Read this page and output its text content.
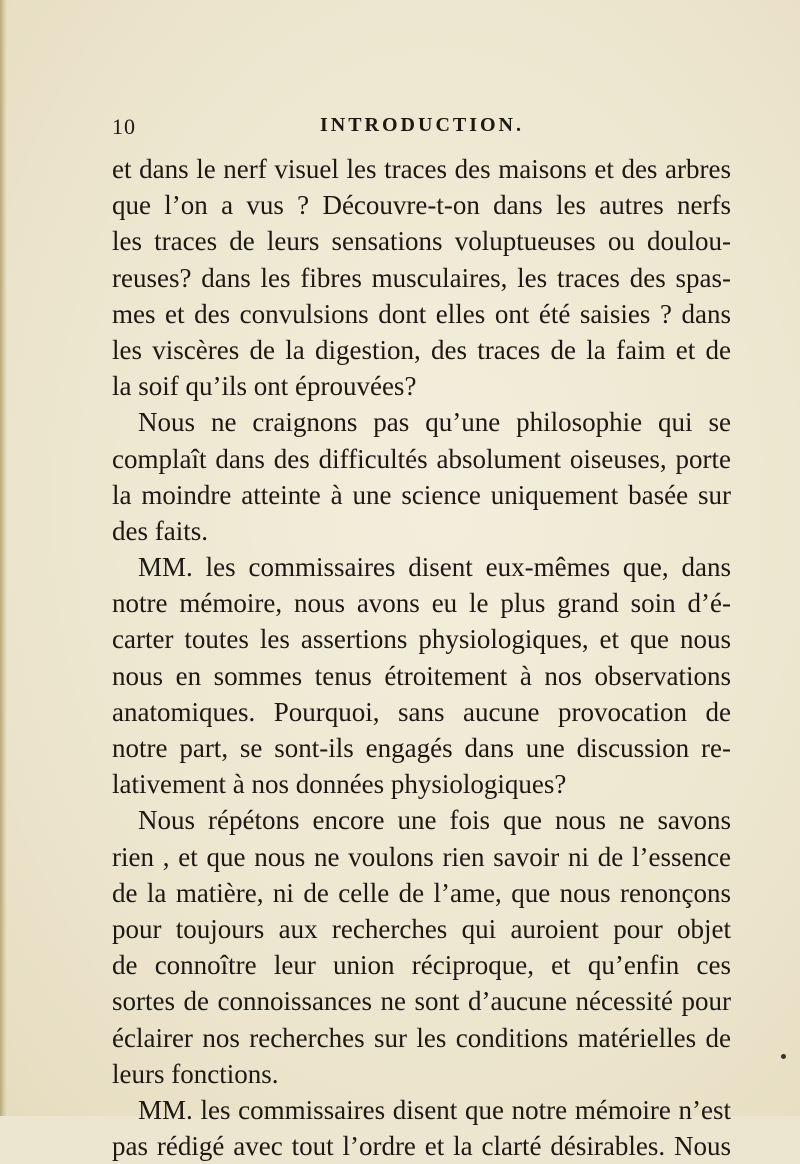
INTRODUCTION.
10
et dans le nerf visuel les traces des maisons et des arbres
que l’on a vus ? Découvre-t-on dans les autres nerfs
les traces de leurs sensations voluptueuses ou doulou-
reuses? dans les fibres musculaires, les traces des spas-
mes et des convulsions dont elles ont été saisies ? dans
les viscères de la digestion, des traces de la faim et de
la soif qu’ils ont éprouvées?
Nous ne craignons pas qu’une philosophie qui se
complaît dans des difficultés absolument oiseuses, porte
la moindre atteinte à une science uniquement basée sur
des faits.
MM. les commissaires disent eux-mêmes que, dans
notre mémoire, nous avons eu le plus grand soin d’é-
carter toutes les assertions physiologiques, et que nous
nous en sommes tenus étroitement à nos observations
anatomiques. Pourquoi, sans aucune provocation de
notre part, se sont-ils engagés dans une discussion re-
lativement à nos données physiologiques?
Nous répétons encore une fois que nous ne savons
rien , et que nous ne voulons rien savoir ni de l’essence
de la matière, ni de celle de l’ame, que nous renonçons
pour toujours aux recherches qui auroient pour objet
de connoître leur union réciproque, et qu’enfin ces
sortes de connoissances ne sont d’aucune nécessité pour
éclairer nos recherches sur les conditions matérielles de
leurs fonctions.
MM. les commissaires disent que notre mémoire n’est
pas rédigé avec tout l’ordre et la clarté désirables. Nous
